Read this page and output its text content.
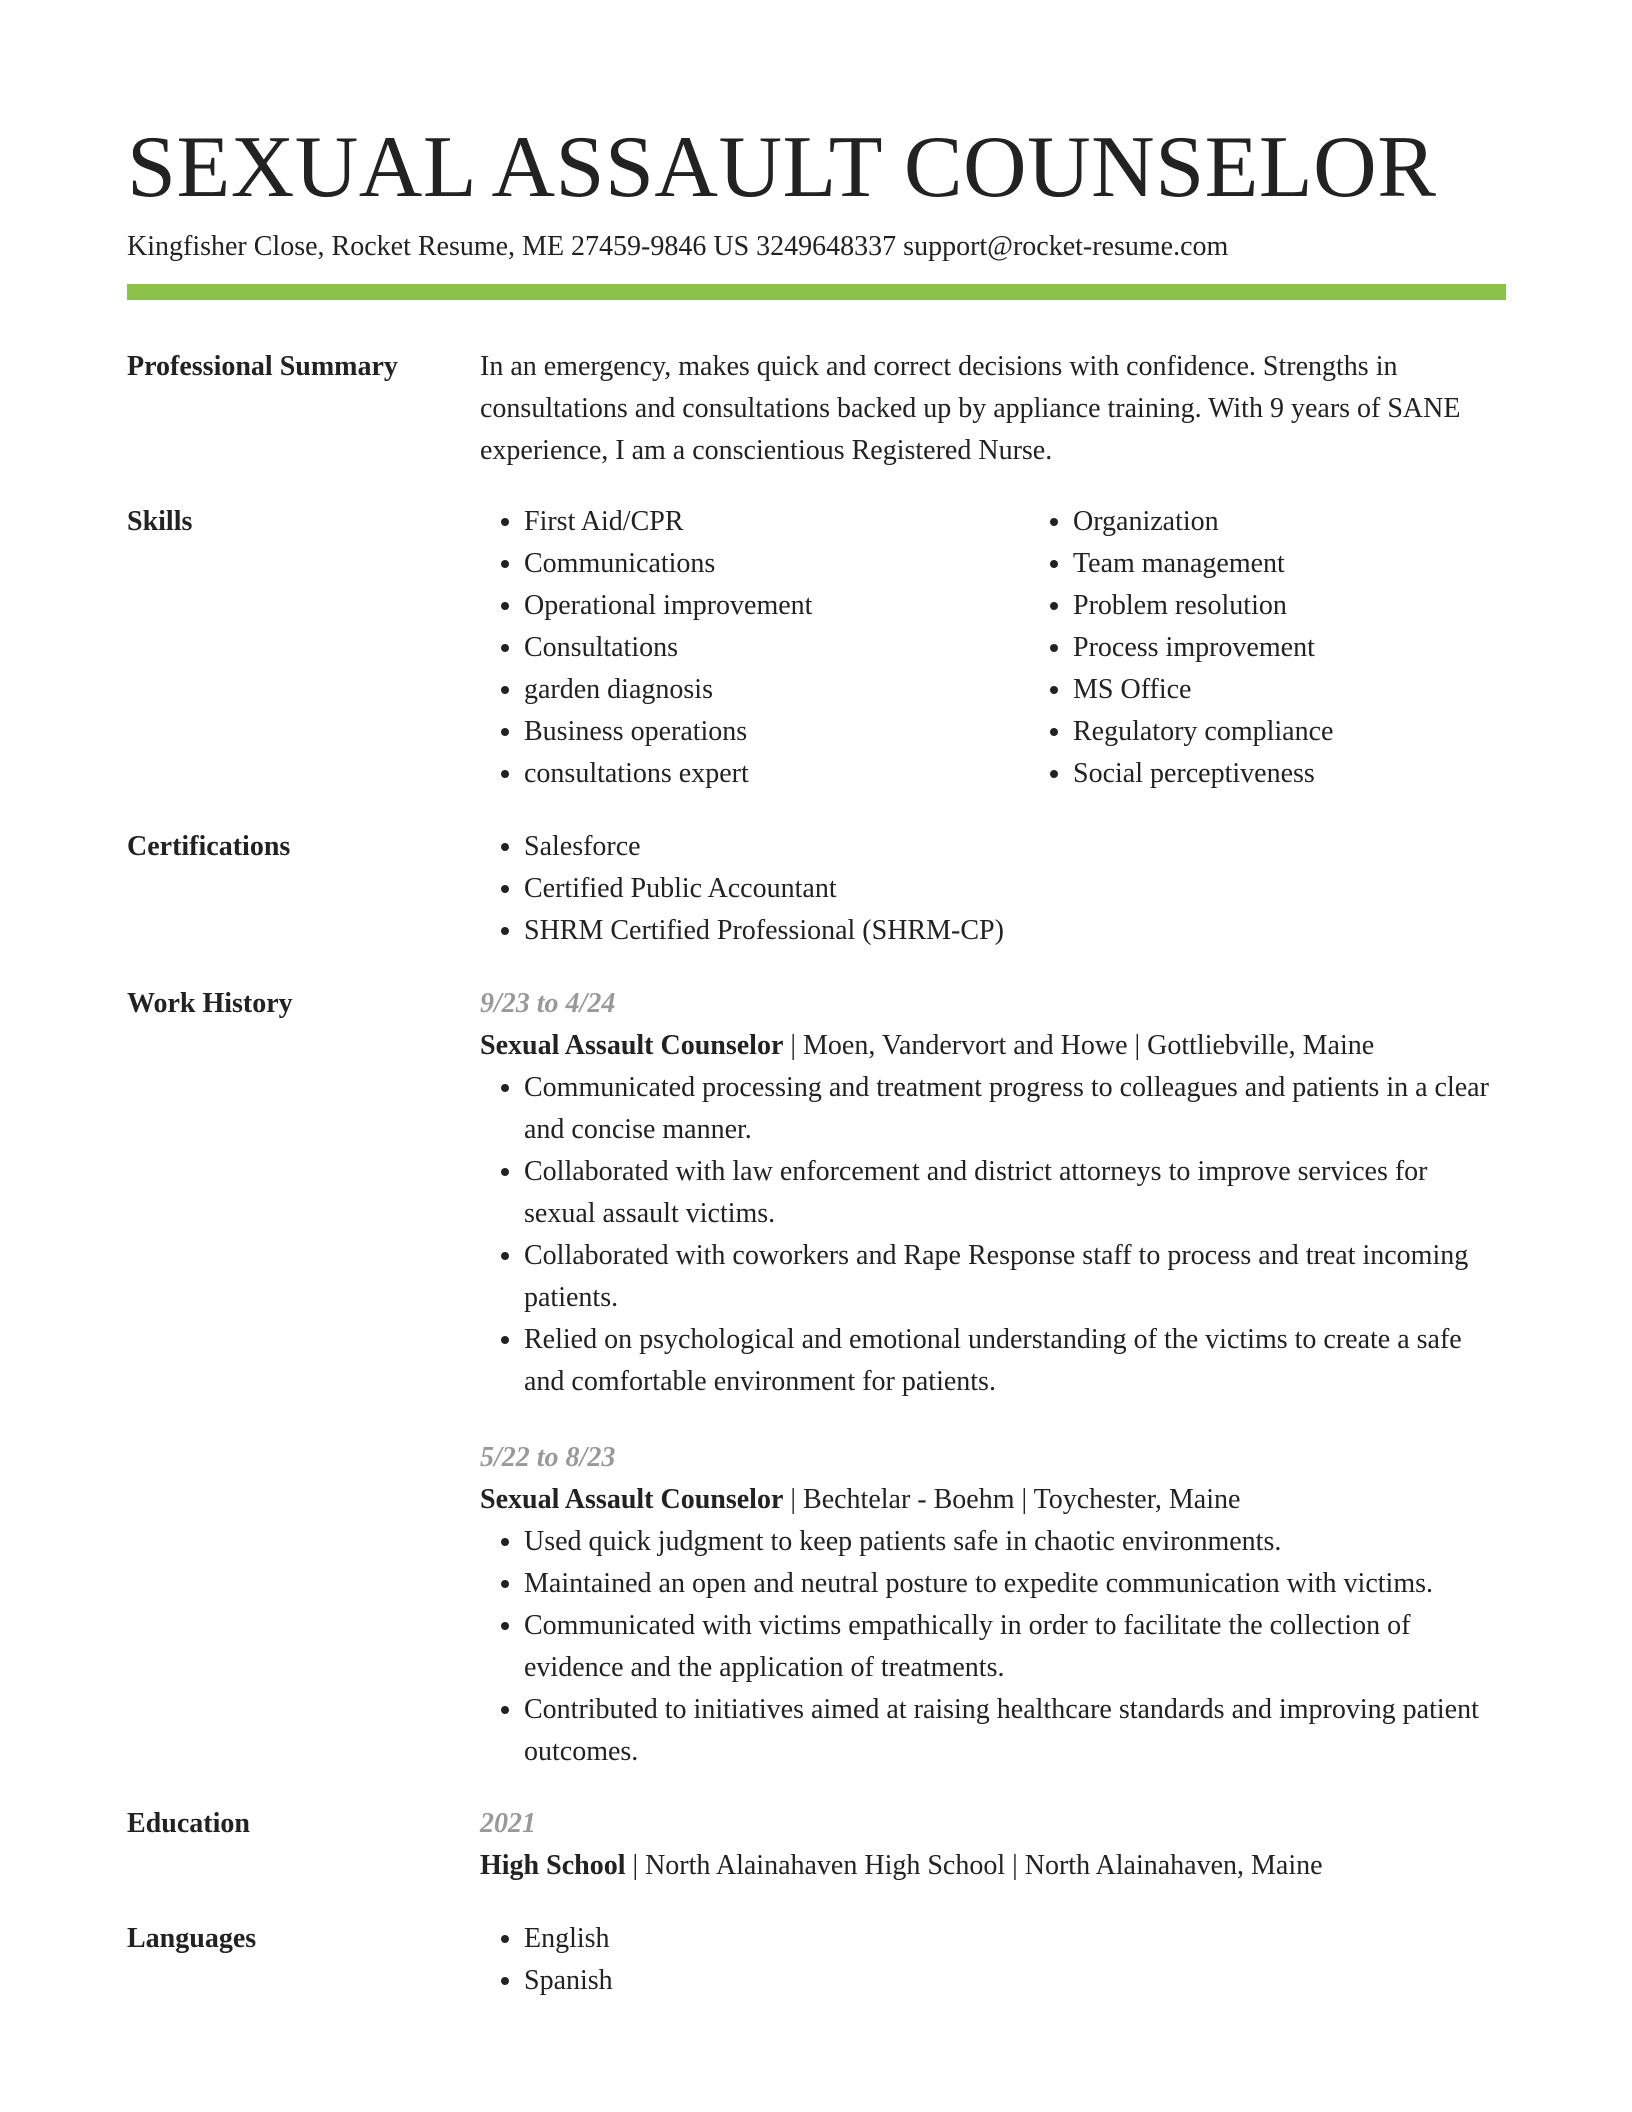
SEXUAL ASSAULT COUNSELOR
Kingfisher Close, Rocket Resume, ME 27459-9846 US 3249648337 support@rocket-resume.com
Professional Summary	In an emergency, makes quick and correct decisions with confidence. Strengths in consultations and consultations backed up by appliance training. With 9 years of SANE experience, I am a conscientious Registered Nurse.

Skills	• First Aid/CPR
• Communications
• Operational improvement
• Consultations
• garden diagnosis
• Business operations
• consultations expert
• Organization
• Team management
• Problem resolution
• Process improvement
• MS Office
• Regulatory compliance
• Social perceptiveness
Certifications	• Salesforce
• Certified Public Accountant
• SHRM Certified Professional (SHRM-CP)
Work History	9/23 to 4/24
Sexual Assault Counselor | Moen, Vandervort and Howe | Gottliebville, Maine
• Communicated processing and treatment progress to colleagues and patients in a clear and concise manner.
• Collaborated with law enforcement and district attorneys to improve services for sexual assault victims.
• Collaborated with coworkers and Rape Response staff to process and treat incoming patients.
• Relied on psychological and emotional understanding of the victims to create a safe and comfortable environment for patients.
5/22 to 8/23
Sexual Assault Counselor | Bechtelar - Boehm | Toychester, Maine
• Used quick judgment to keep patients safe in chaotic environments.
• Maintained an open and neutral posture to expedite communication with victims.
• Communicated with victims empathically in order to facilitate the collection of evidence and the application of treatments.
• Contributed to initiatives aimed at raising healthcare standards and improving patient outcomes.
Education	2021
High School | North Alainahaven High School | North Alainahaven, Maine
Languages	• English
• Spanish
